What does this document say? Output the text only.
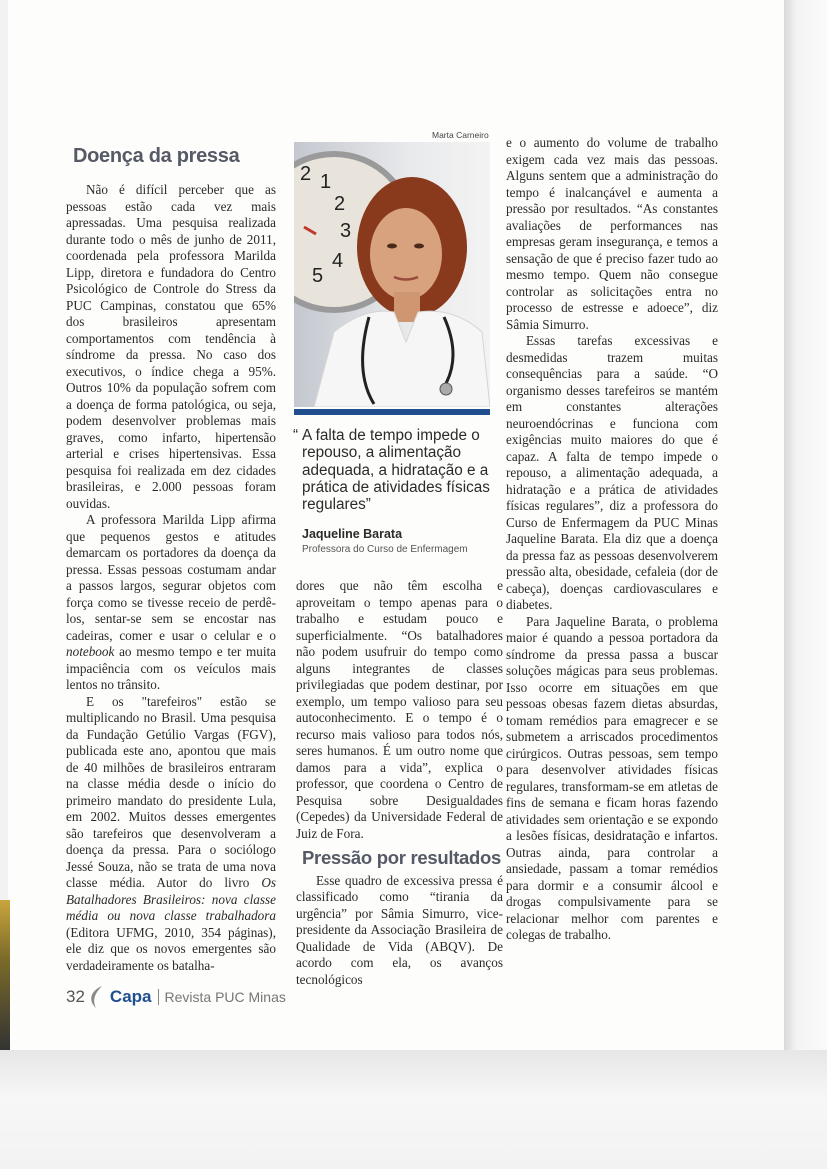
Marta Carneiro
Doença da pressa

Não é difícil perceber que as pessoas estão cada vez mais apressadas. Uma pesquisa realizada durante todo o mês de junho de 2011, coordenada pela professora Marilda Lipp, diretora e fundadora do Centro Psicológico de Controle do Stress da PUC Campinas, constatou que 65% dos brasileiros apresentam comportamentos com tendência à síndrome da pressa. No caso dos executivos, o índice chega a 95%. Outros 10% da população sofrem com a doença de forma patológica, ou seja, podem desenvolver problemas mais graves, como infarto, hipertensão arterial e crises hipertensivas. Essa pesquisa foi realizada em dez cidades brasileiras, e 2.000 pessoas foram ouvidas.

A professora Marilda Lipp afirma que pequenos gestos e atitudes demarcam os portadores da doença da pressa. Essas pessoas costumam andar a passos largos, segurar objetos com força como se tivesse receio de perdê-los, sentar-se sem se encostar nas cadeiras, comer e usar o celular e o notebook ao mesmo tempo e ter muita impaciência com os veículos mais lentos no trânsito.

E os "tarefeiros" estão se multiplicando no Brasil. Uma pesquisa da Fundação Getúlio Vargas (FGV), publicada este ano, apontou que mais de 40 milhões de brasileiros entraram na classe média desde o início do primeiro mandato do presidente Lula, em 2002. Muitos desses emergentes são tarefeiros que desenvolveram a doença da pressa. Para o sociólogo Jessé Souza, não se trata de uma nova classe média. Autor do livro Os Batalhadores Brasileiros: nova classe média ou nova classe trabalhadora (Editora UFMG, 2010, 354 páginas), ele diz que os novos emergentes são verdadeiramente os batalha-

2 1
2
3
4
5
“ A falta de tempo impede o repouso, a alimentação adequada, a hidratação e a prática de atividades físicas regulares”
Jaqueline Barata
Professora do Curso de Enfermagem

dores que não têm escolha e aproveitam o tempo apenas para o trabalho e estudam pouco e superficialmente. “Os batalhadores não podem usufruir do tempo como alguns integrantes de classes privilegiadas que podem destinar, por exemplo, um tempo valioso para seu autoconhecimento. E o tempo é o recurso mais valioso para todos nós, seres humanos. É um outro nome que damos para a vida”, explica o professor, que coordena o Centro de Pesquisa sobre Desigualdades (Cepedes) da Universidade Federal de Juiz de Fora.

Pressão por resultados

Esse quadro de excessiva pressa é classificado como “tirania da urgência” por Sâmia Simurro, vice-presidente da Associação Brasileira de Qualidade de Vida (ABQV). De acordo com ela, os avanços tecnológicos

e o aumento do volume de trabalho exigem cada vez mais das pessoas. Alguns sentem que a administração do tempo é inalcançável e aumenta a pressão por resultados. “As constantes avaliações de performances nas empresas geram insegurança, e temos a sensação de que é preciso fazer tudo ao mesmo tempo. Quem não consegue controlar as solicitações entra no processo de estresse e adoece”, diz Sâmia Simurro.

Essas tarefas excessivas e desmedidas trazem muitas consequências para a saúde. “O organismo desses tarefeiros se mantém em constantes alterações neuroendócrinas e funciona com exigências muito maiores do que é capaz. A falta de tempo impede o repouso, a alimentação adequada, a hidratação e a prática de atividades físicas regulares”, diz a professora do Curso de Enfermagem da PUC Minas Jaqueline Barata. Ela diz que a doença da pressa faz as pessoas desenvolverem pressão alta, obesidade, cefaleia (dor de cabeça), doenças cardiovasculares e diabetes.

Para Jaqueline Barata, o problema maior é quando a pessoa portadora da síndrome da pressa passa a buscar soluções mágicas para seus problemas. Isso ocorre em situações em que pessoas obesas fazem dietas absurdas, tomam remédios para emagrecer e se submetem a arriscados procedimentos cirúrgicos. Outras pessoas, sem tempo para desenvolver atividades físicas regulares, transformam-se em atletas de fins de semana e ficam horas fazendo atividades sem orientação e se expondo a lesões físicas, desidratação e infartos. Outras ainda, para controlar a ansiedade, passam a tomar remédios para dormir e a consumir álcool e drogas compulsivamente para se relacionar melhor com parentes e colegas de trabalho.

32 Capa Revista PUC Minas
